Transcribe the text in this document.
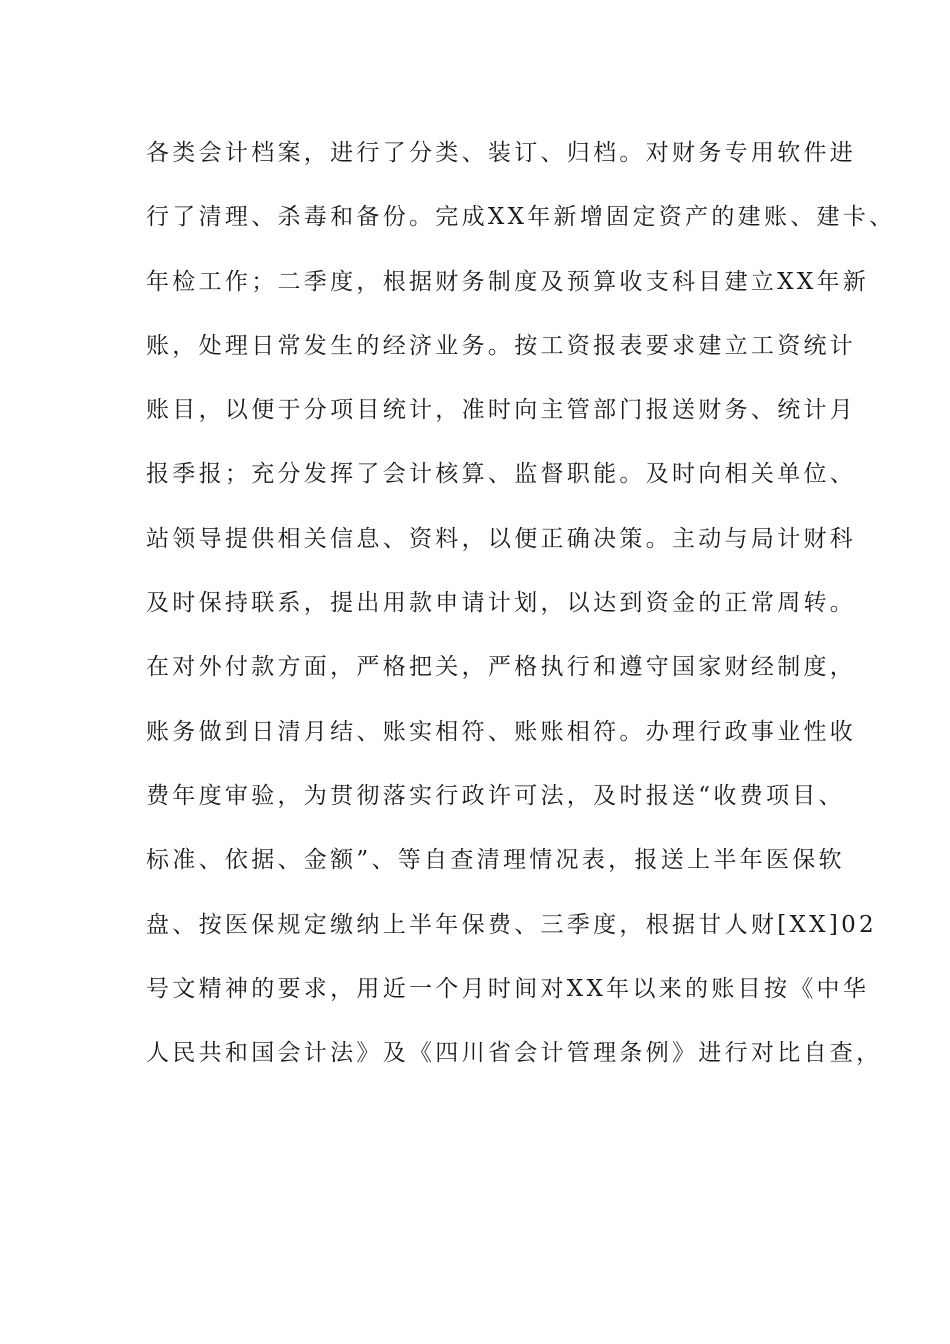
各类会计档案，进行了分类、装订、归档。对财务专用软件进
行了清理、杀毒和备份。完成XX年新增固定资产的建账、建卡、
年检工作；二季度，根据财务制度及预算收支科目建立XX年新
账，处理日常发生的经济业务。按工资报表要求建立工资统计
账目，以便于分项目统计，准时向主管部门报送财务、统计月
报季报；充分发挥了会计核算、监督职能。及时向相关单位、
站领导提供相关信息、资料，以便正确决策。主动与局计财科
及时保持联系，提出用款申请计划，以达到资金的正常周转。
在对外付款方面，严格把关，严格执行和遵守国家财经制度，
账务做到日清月结、账实相符、账账相符。办理行政事业性收
费年度审验，为贯彻落实行政许可法，及时报送“收费项目、
标准、依据、金额”、等自查清理情况表，报送上半年医保软
盘、按医保规定缴纳上半年保费、三季度，根据甘人财[XX]02
号文精神的要求，用近一个月时间对XX年以来的账目按《中华
人民共和国会计法》及《四川省会计管理条例》进行对比自查，
